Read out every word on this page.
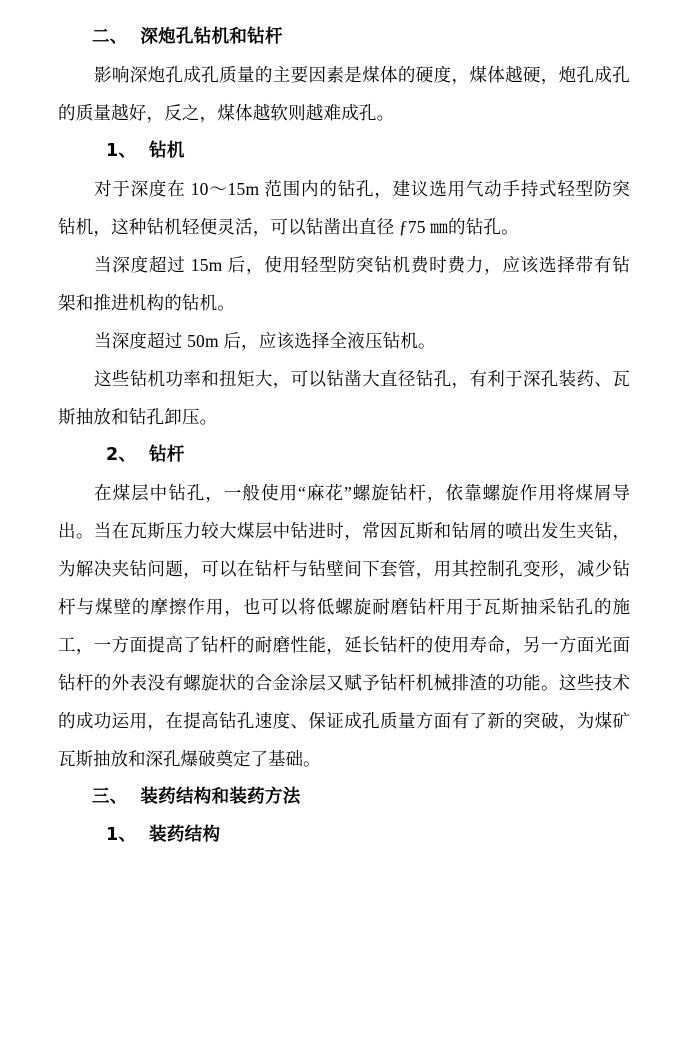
二、  深炮孔钻机和钻杆
影响深炮孔成孔质量的主要因素是煤体的硬度，煤体越硬，炮孔成孔的质量越好，反之，煤体越软则越难成孔。
1、  钻机
对于深度在 10～15m 范围内的钻孔，建议选用气动手持式轻型防突钻机，这种钻机轻便灵活，可以钻凿出直径 ƒ75 ㎜的钻孔。
当深度超过 15m 后，使用轻型防突钻机费时费力，应该选择带有钻架和推进机构的钻机。
当深度超过 50m 后，应该选择全液压钻机。
这些钻机功率和扭矩大，可以钻凿大直径钻孔，有利于深孔装药、瓦斯抽放和钻孔卸压。
2、  钻杆
在煤层中钻孔，一般使用“麻花”螺旋钻杆，依靠螺旋作用将煤屑导出。当在瓦斯压力较大煤层中钻进时，常因瓦斯和钻屑的喷出发生夹钻，为解决夹钻问题，可以在钻杆与钻壁间下套管，用其控制孔变形，减少钻杆与煤壁的摩擦作用，也可以将低螺旋耐磨钻杆用于瓦斯抽采钻孔的施工，一方面提高了钻杆的耐磨性能，延长钻杆的使用寿命，另一方面光面钻杆的外表没有螺旋状的合金涂层又赋予钻杆机械排渣的功能。这些技术的成功运用，在提高钻孔速度、保证成孔质量方面有了新的突破，为煤矿瓦斯抽放和深孔爆破奠定了基础。
三、  装药结构和装药方法
1、  装药结构
